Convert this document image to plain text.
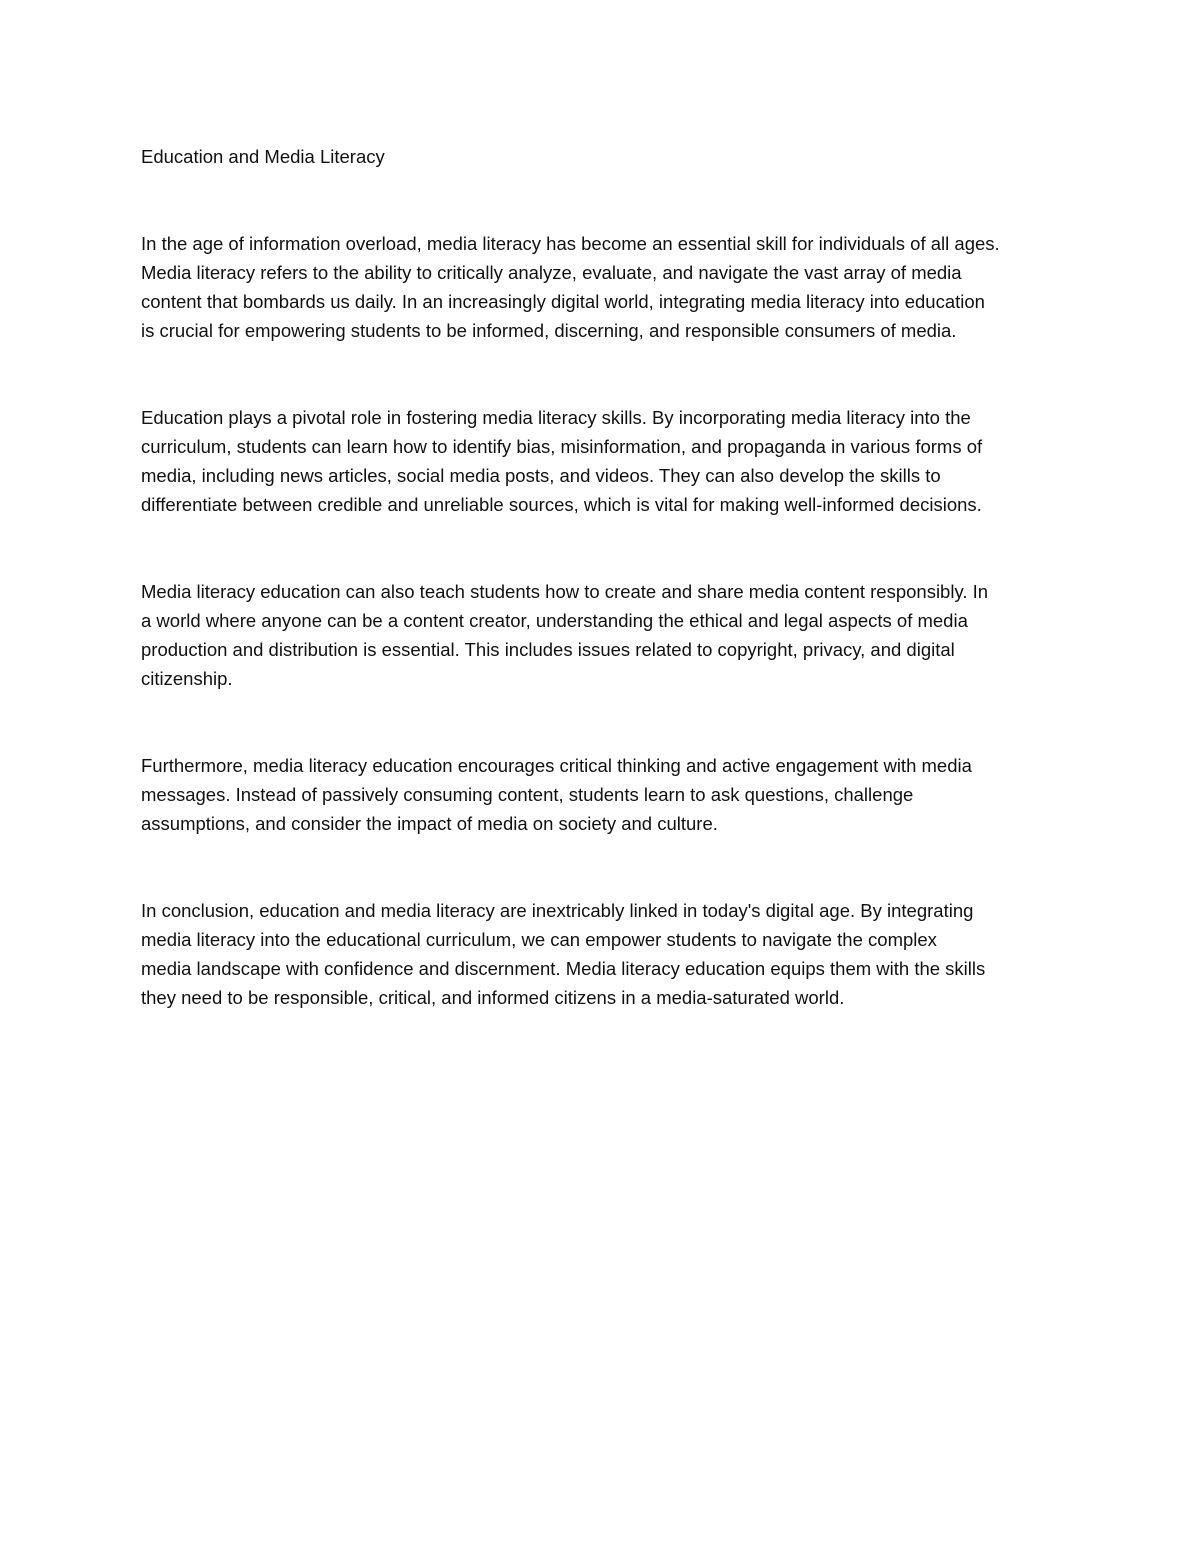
Education and Media Literacy

In the age of information overload, media literacy has become an essential skill for individuals of all ages.
Media literacy refers to the ability to critically analyze, evaluate, and navigate the vast array of media
content that bombards us daily. In an increasingly digital world, integrating media literacy into education
is crucial for empowering students to be informed, discerning, and responsible consumers of media.

Education plays a pivotal role in fostering media literacy skills. By incorporating media literacy into the
curriculum, students can learn how to identify bias, misinformation, and propaganda in various forms of
media, including news articles, social media posts, and videos. They can also develop the skills to
differentiate between credible and unreliable sources, which is vital for making well-informed decisions.

Media literacy education can also teach students how to create and share media content responsibly. In
a world where anyone can be a content creator, understanding the ethical and legal aspects of media
production and distribution is essential. This includes issues related to copyright, privacy, and digital
citizenship.

Furthermore, media literacy education encourages critical thinking and active engagement with media
messages. Instead of passively consuming content, students learn to ask questions, challenge
assumptions, and consider the impact of media on society and culture.

In conclusion, education and media literacy are inextricably linked in today's digital age. By integrating
media literacy into the educational curriculum, we can empower students to navigate the complex
media landscape with confidence and discernment. Media literacy education equips them with the skills
they need to be responsible, critical, and informed citizens in a media-saturated world.
